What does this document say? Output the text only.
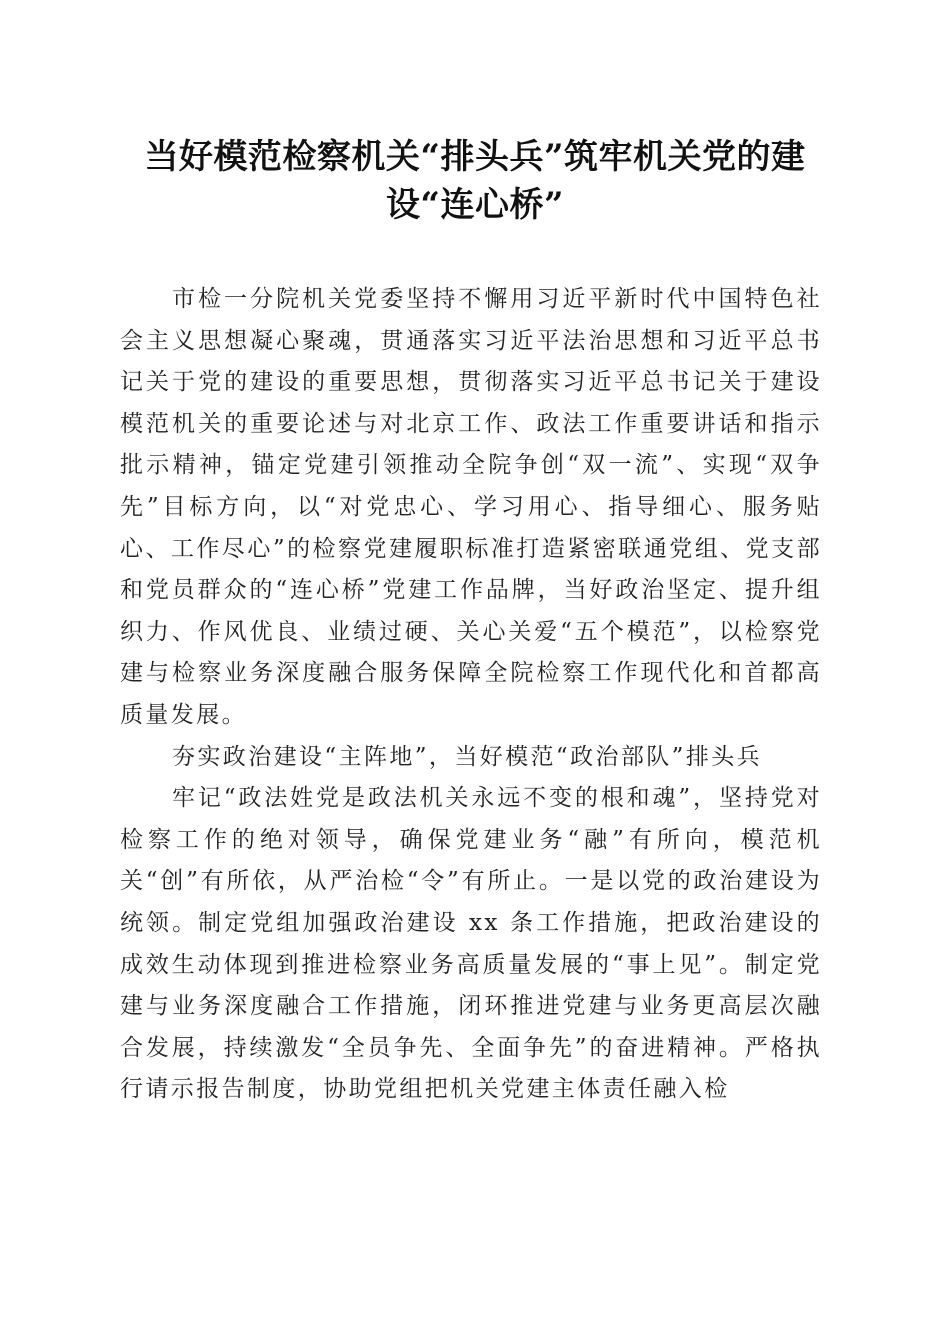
当好模范检察机关“排头兵”筑牢机关党的建
设“连心桥”

市检一分院机关党委坚持不懈用习近平新时代中国特色社会主义思想凝心聚魂，贯通落实习近平法治思想和习近平总书记关于党的建设的重要思想，贯彻落实习近平总书记关于建设模范机关的重要论述与对北京工作、政法工作重要讲话和指示批示精神，锚定党建引领推动全院争创“双一流”、实现“双争先”目标方向，以“对党忠心、学习用心、指导细心、服务贴心、工作尽心”的检察党建履职标准打造紧密联通党组、党支部和党员群众的“连心桥”党建工作品牌，当好政治坚定、提升组织力、作风优良、业绩过硬、关心关爱“五个模范”，以检察党建与检察业务深度融合服务保障全院检察工作现代化和首都高质量发展。

夯实政治建设“主阵地”，当好模范“政治部队”排头兵

牢记“政法姓党是政法机关永远不变的根和魂”，坚持党对检察工作的绝对领导，确保党建业务“融”有所向，模范机关“创”有所依，从严治检“令”有所止。一是以党的政治建设为统领。制定党组加强政治建设 xx 条工作措施，把政治建设的成效生动体现到推进检察业务高质量发展的“事上见”。制定党建与业务深度融合工作措施，闭环推进党建与业务更高层次融合发展，持续激发“全员争先、全面争先”的奋进精神。严格执行请示报告制度，协助党组把机关党建主体责任融入检
